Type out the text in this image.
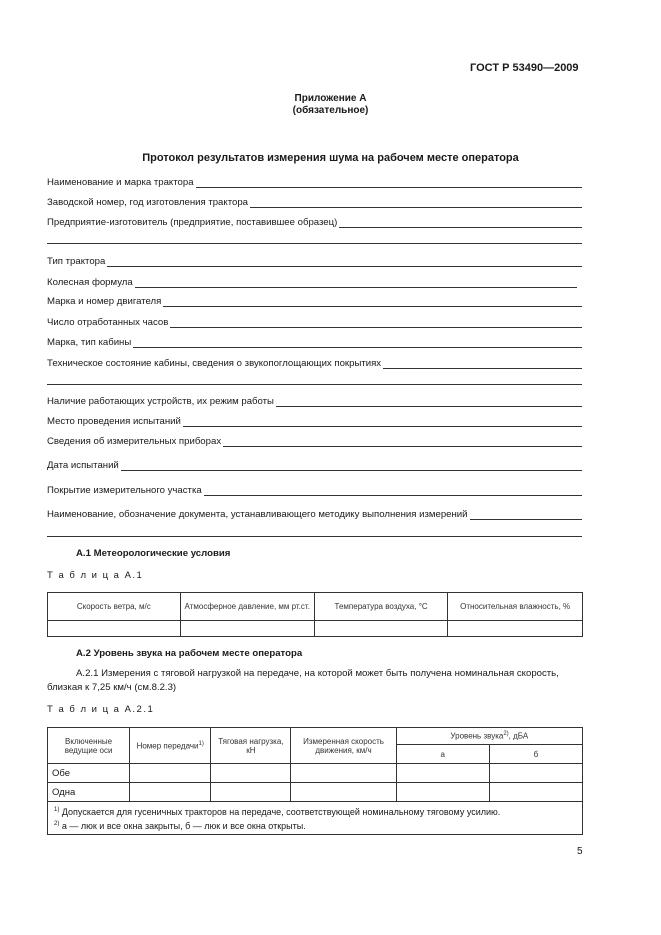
ГОСТ Р 53490—2009
Приложение А
(обязательное)
Протокол результатов измерения шума на рабочем месте оператора
Наименование и марка трактора
Заводской номер, год изготовления трактора
Предприятие-изготовитель (предприятие, поставившее образец)
Тип трактора
Колесная формула
Марка и номер двигателя
Число отработанных часов
Марка, тип кабины
Техническое состояние кабины, сведения о звукопоглощающих покрытиях
Наличие работающих устройств, их режим работы
Место проведения испытаний
Сведения об измерительных приборах
Дата испытаний
Покрытие измерительного участка
Наименование, обозначение документа, устанавливающего методику выполнения измерений
А.1 Метеорологические условия
Т а б л и ц а А.1
Скорость ветра, м/с	Атмосферное давление, мм рт.ст.	Температура воздуха, °С	Относительная влажность, %

А.2 Уровень звука на рабочем месте оператора
А.2.1 Измерения с тяговой нагрузкой на передаче, на которой может быть получена номинальная скорость, близкая к 7,25 км/ч (см.8.2.3)
Т а б л и ц а А.2.1
Включенные ведущие оси	Номер передачи$^{1)}$	Тяговая нагрузка, кН	Измеренная скорость движения, км/ч	Уровень звука$^{2)}$, дБА	
				а	б
Обе					
Одна					

$^{1)}$ Допускается для гусеничных тракторов на передаче, соответствующей номинальному тяговому усилию.
$^{2)}$ а — люк и все окна закрыты, б — люк и все окна открыты.					
5
